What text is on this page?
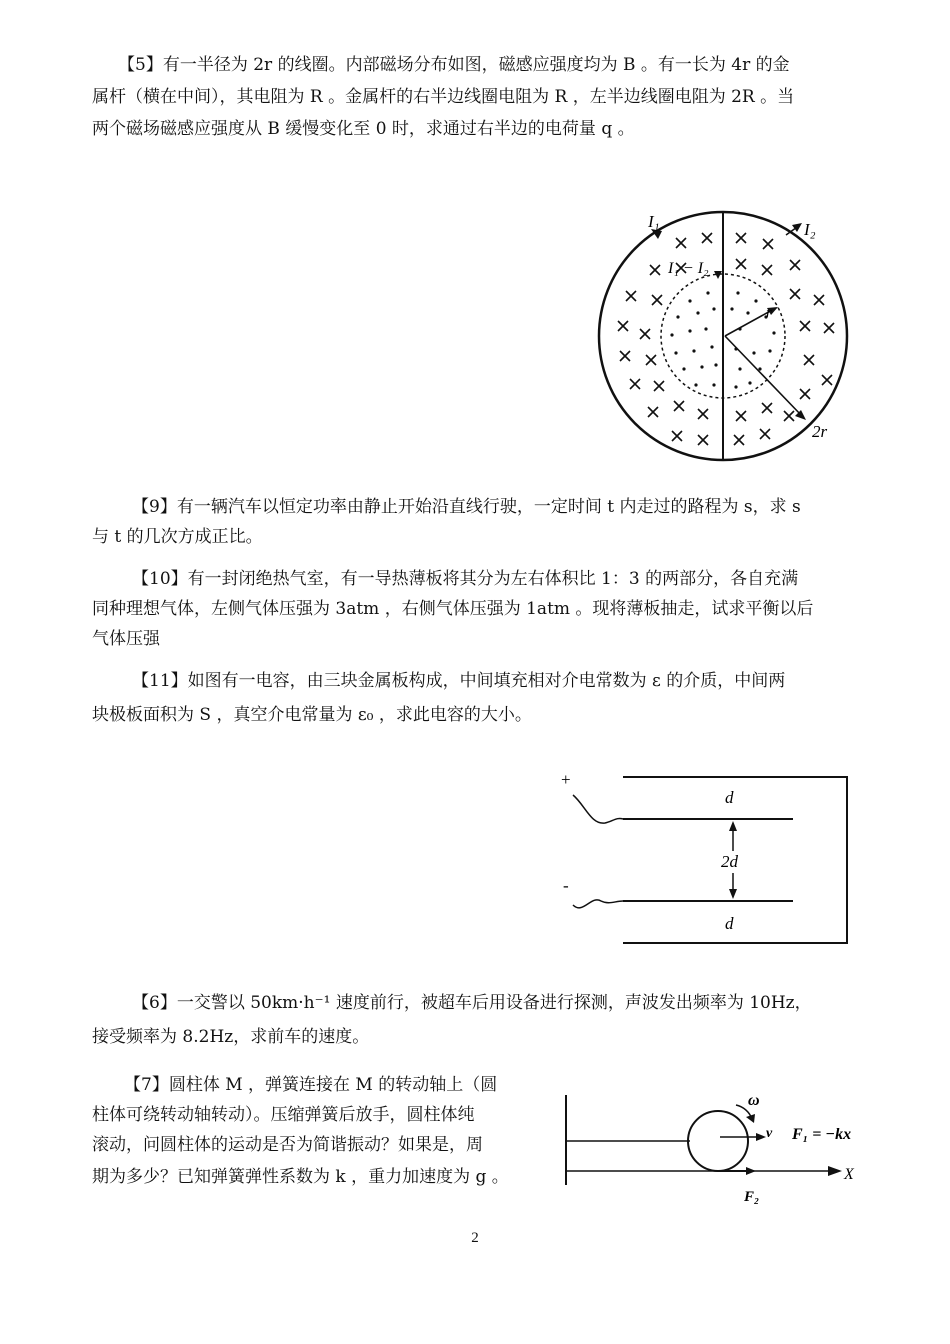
【5】有一半径为 2r 的线圈。内部磁场分布如图，磁感应强度均为 B 。有一长为 4r 的金
属杆（横在中间），其电阻为 R 。金属杆的右半边线圈电阻为 R ，左半边线圈电阻为 2R 。当
两个磁场磁感应强度从 B 缓慢变化至 0 时，求通过右半边的电荷量 q 。
I₁	I₂
I₁ − I₂
r
2r
【9】有一辆汽车以恒定功率由静止开始沿直线行驶，一定时间 t 内走过的路程为 s，求 s
与 t 的几次方成正比。
【10】有一封闭绝热气室，有一导热薄板将其分为左右体积比 1：3 的两部分，各自充满
同种理想气体，左侧气体压强为 3atm ，右侧气体压强为 1atm 。现将薄板抽走，试求平衡以后
气体压强
【11】如图有一电容，由三块金属板构成，中间填充相对介电常数为 ε 的介质，中间两
块极板面积为 S ，真空介电常量为 ε₀ ，求此电容的大小。
+
-
d
2d
d
【6】一交警以 50km·h⁻¹ 速度前行，被超车后用设备进行探测，声波发出频率为 10Hz，
接受频率为 8.2Hz，求前车的速度。
【7】圆柱体 M ，弹簧连接在 M 的转动轴上（圆
柱体可绕转动轴转动）。压缩弹簧后放手，圆柱体纯
滚动，问圆柱体的运动是否为简谐振动？如果是，周
期为多少？已知弹簧弹性系数为 k ，重力加速度为 g 。
ω
v F₁ = −kx
F₂
X
2
